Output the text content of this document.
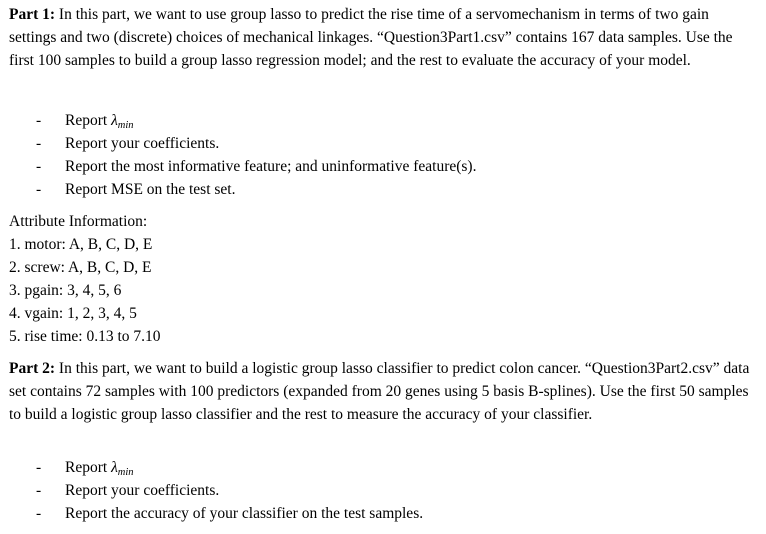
Part 1: In this part, we want to use group lasso to predict the rise time of a servomechanism in terms of two gain settings and two (discrete) choices of mechanical linkages. “Question3Part1.csv” contains 167 data samples. Use the first 100 samples to build a group lasso regression model; and the rest to evaluate the accuracy of your model.

- Report λmin
- Report your coefficients.
- Report the most informative feature; and uninformative feature(s).
- Report MSE on the test set.
Attribute Information:
1. motor: A, B, C, D, E
2. screw: A, B, C, D, E
3. pgain: 3, 4, 5, 6
4. vgain: 1, 2, 3, 4, 5
5. rise time: 0.13 to 7.10

Part 2: In this part, we want to build a logistic group lasso classifier to predict colon cancer. “Question3Part2.csv” data set contains 72 samples with 100 predictors (expanded from 20 genes using 5 basis B-splines). Use the first 50 samples to build a logistic group lasso classifier and the rest to measure the accuracy of your classifier.

- Report λmin
- Report your coefficients.
- Report the accuracy of your classifier on the test samples.
